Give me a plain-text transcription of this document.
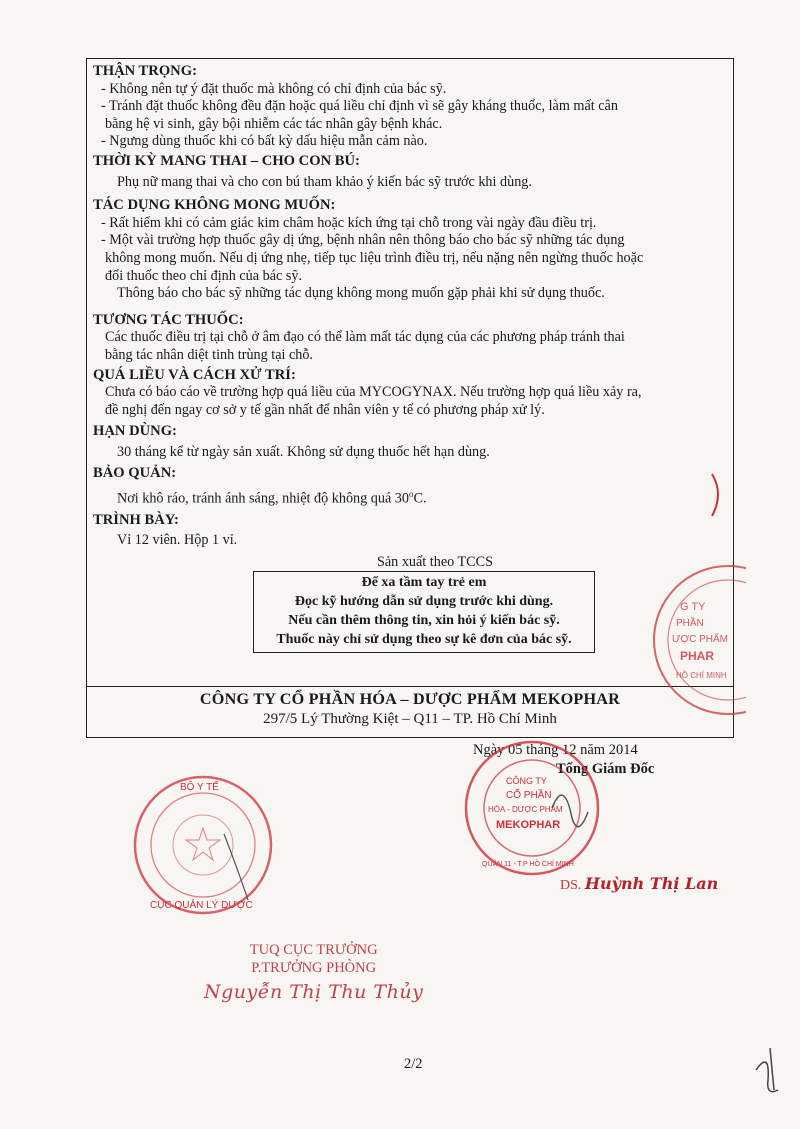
THẬN TRỌNG:
- Không nên tự ý đặt thuốc mà không có chỉ định của bác sỹ.
- Tránh đặt thuốc không đều đặn hoặc quá liều chỉ định vì sẽ gây kháng thuốc, làm mất cân
bằng hệ vi sinh, gây bội nhiễm các tác nhân gây bệnh khác.
- Ngưng dùng thuốc khi có bất kỳ dấu hiệu mẫn cảm nào.
THỜI KỲ MANG THAI – CHO CON BÚ:
Phụ nữ mang thai và cho con bú tham khảo ý kiến bác sỹ trước khi dùng.
TÁC DỤNG KHÔNG MONG MUỐN:
- Rất hiếm khi có cảm giác kim châm hoặc kích ứng tại chỗ trong vài ngày đầu điều trị.
- Một vài trường hợp thuốc gây dị ứng, bệnh nhân nên thông báo cho bác sỹ những tác dụng
không mong muốn. Nếu dị ứng nhẹ, tiếp tục liệu trình điều trị, nếu nặng nên ngừng thuốc hoặc
đổi thuốc theo chỉ định của bác sỹ.
Thông báo cho bác sỹ những tác dụng không mong muốn gặp phải khi sử dụng thuốc.
TƯƠNG TÁC THUỐC:
Các thuốc điều trị tại chỗ ở âm đạo có thể làm mất tác dụng của các phương pháp tránh thai
bằng tác nhân diệt tinh trùng tại chỗ.
QUÁ LIỀU VÀ CÁCH XỬ TRÍ:
Chưa có báo cáo về trường hợp quá liều của MYCOGYNAX. Nếu trường hợp quá liều xảy ra,
đề nghị đến ngay cơ sở y tế gần nhất để nhân viên y tế có phương pháp xử lý.
HẠN DÙNG:
30 tháng kể từ ngày sản xuất. Không sử dụng thuốc hết hạn dùng.
BẢO QUẢN:
Nơi khô ráo, tránh ánh sáng, nhiệt độ không quá 30$^o$C.
TRÌNH BÀY:
Vỉ 12 viên. Hộp 1 vỉ.
Sản xuất theo TCCS
Để xa tầm tay trẻ em
Đọc kỹ hướng dẫn sử dụng trước khi dùng.
Nếu cần thêm thông tin, xin hỏi ý kiến bác sỹ.
Thuốc này chỉ sử dụng theo sự kê đơn của bác sỹ.
CÔNG TY CỔ PHẦN HÓA – DƯỢC PHẨM MEKOPHAR
297/5 Lý Thường Kiệt – Q11 – TP. Hồ Chí Minh
G TY
PHẦN
ƯỢC PHẨM
PHAR
HỒ CHÍ MINH
Ngày 05 tháng 12 năm 2014
Tổng Giám Đốc
CÔNG TY
CỔ PHẦN
HÓA - DƯỢC PHẨM
MEKOPHAR
QUẬN 11 - T.P HỒ CHÍ MINH
DS. Huỳnh Thị Lan
BỘ Y TẾ
CỤC QUẢN LÝ DƯỢC
TUQ CỤC TRƯỞNG
P.TRƯỞNG PHÒNG
Nguyễn Thị Thu Thủy
2/2
